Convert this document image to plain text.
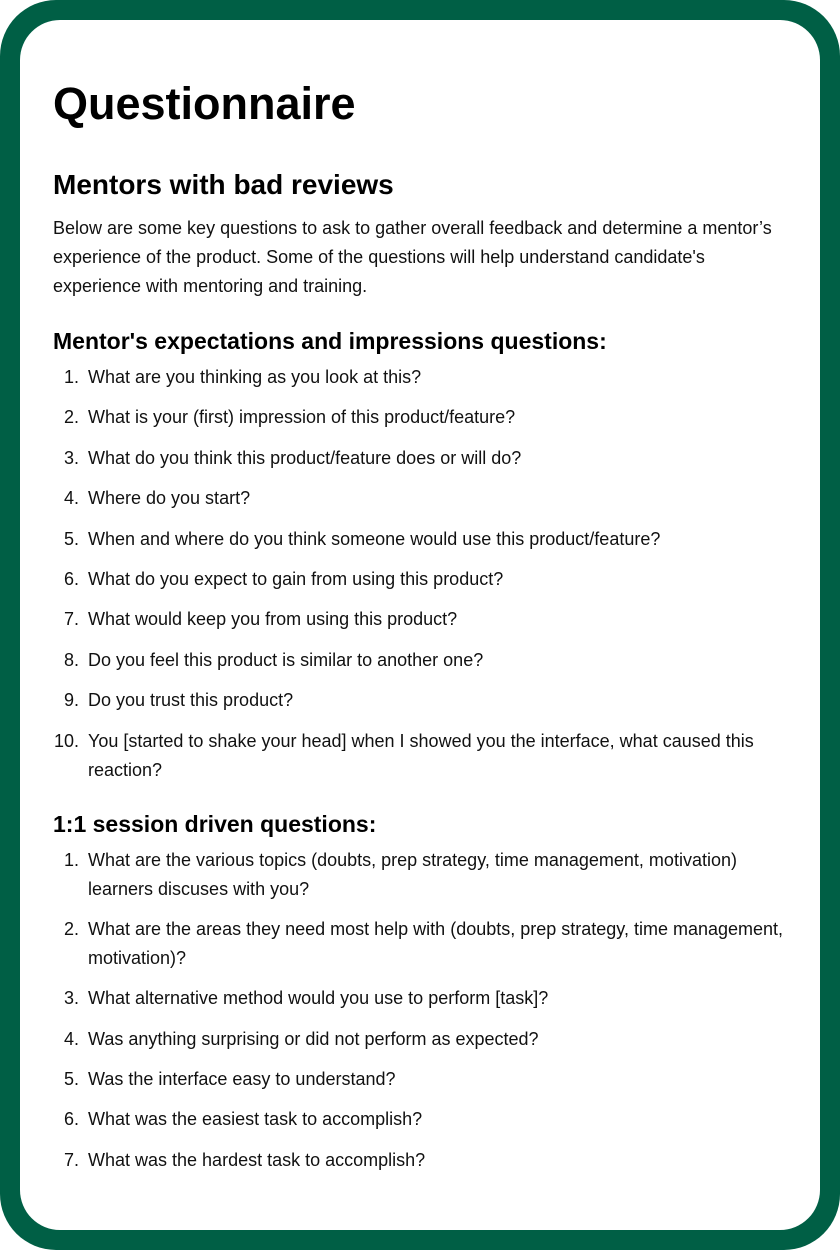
Questionnaire
Mentors with bad reviews

Below are some key questions to ask to gather overall feedback and determine a mentor’s experience of the product. Some of the questions will help understand candidate's experience with mentoring and training.

Mentor's expectations and impressions questions:
1. What are you thinking as you look at this?
2. What is your (first) impression of this product/feature?
3. What do you think this product/feature does or will do?
4. Where do you start?
5. When and where do you think someone would use this product/feature?
6. What do you expect to gain from using this product?
7. What would keep you from using this product?
8. Do you feel this product is similar to another one?
9. Do you trust this product?
10. You [started to shake your head] when I showed you the interface, what caused this reaction?
1:1 session driven questions:
1. What are the various topics (doubts, prep strategy, time management, motivation) learners discuses with you?
2. What are the areas they need most help with (doubts, prep strategy, time management, motivation)?
3. What alternative method would you use to perform [task]?
4. Was anything surprising or did not perform as expected?
5. Was the interface easy to understand?
6. What was the easiest task to accomplish?
7. What was the hardest task to accomplish?
